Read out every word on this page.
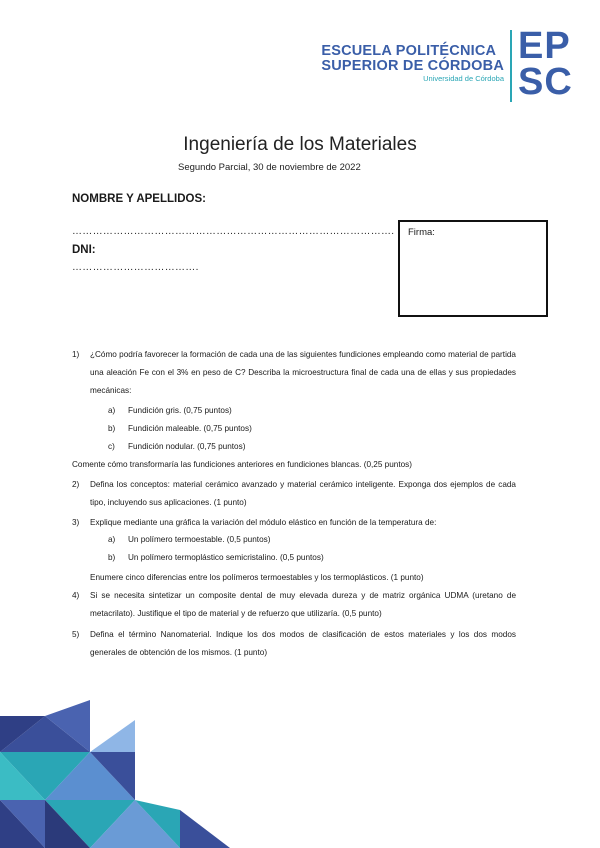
ESCUELA POLITÉCNICA
SUPERIOR DE CÓRDOBA
Universidad de Córdoba
EP
SC
Ingeniería de los Materiales
Segundo Parcial, 30 de noviembre de 2022
NOMBRE Y APELLIDOS:
………………………………………………………………………………….
DNI:
……………………………….
Firma:
1) ¿Cómo podría favorecer la formación de cada una de las siguientes fundiciones empleando como material de partida una aleación Fe con el 3% en peso de C? Describa la microestructura final de cada una de ellas y sus propiedades mecánicas:
a) Fundición gris. (0,75 puntos)
b) Fundición maleable. (0,75 puntos)
c) Fundición nodular. (0,75 puntos)
Comente cómo transformaría las fundiciones anteriores en fundiciones blancas. (0,25 puntos)
2) Defina los conceptos: material cerámico avanzado y material cerámico inteligente. Exponga dos ejemplos de cada tipo, incluyendo sus aplicaciones. (1 punto)
3) Explique mediante una gráfica la variación del módulo elástico en función de la temperatura de:
a) Un polímero termoestable. (0,5 puntos)
b) Un polímero termoplástico semicristalino. (0,5 puntos)
Enumere cinco diferencias entre los polímeros termoestables y los termoplásticos. (1 punto)
4) Si se necesita sintetizar un composite dental de muy elevada dureza y de matriz orgánica UDMA (uretano de metacrilato). Justifique el tipo de material y de refuerzo que utilizaría. (0,5 punto)
5) Defina el término Nanomaterial. Indique los dos modos de clasificación de estos materiales y los dos modos generales de obtención de los mismos. (1 punto)
